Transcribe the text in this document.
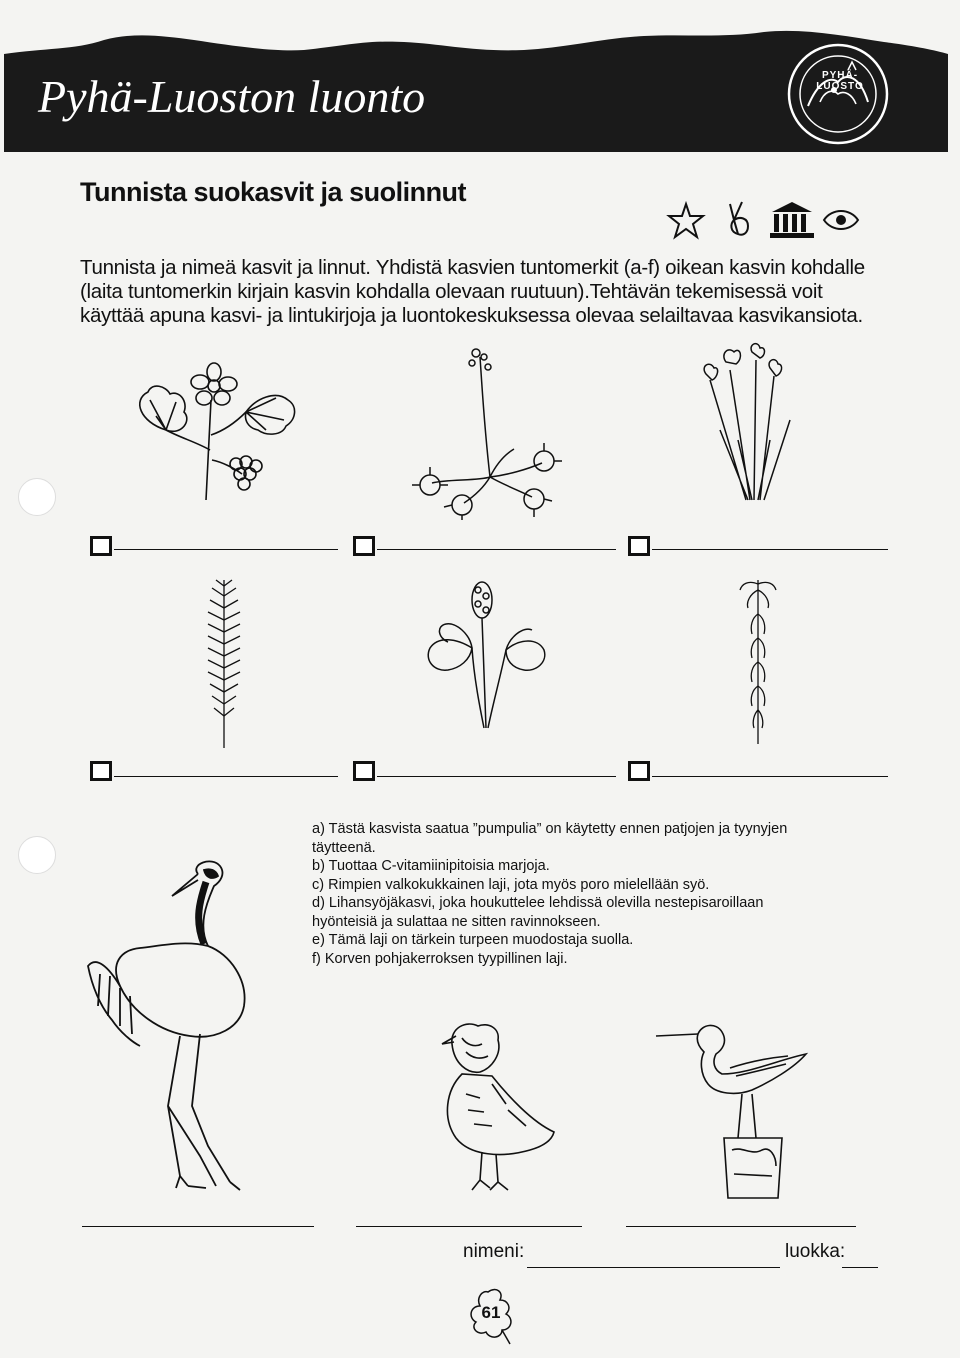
Pyhä-Luoston luonto	PYHÄ-LUOSTO
Tunnista suokasvit ja suolinnut

Tunnista ja nimeä kasvit ja linnut. Yhdistä kasvien tuntomerkit (a-f) oikean kasvin kohdalle (laita tuntomerkin kirjain kasvin kohdalla olevaan ruutuun).Tehtävän tekemisessä voit käyttää apuna kasvi- ja lintukirjoja ja luontokeskuksessa olevaa selailtavaa kasvikansiota.

a) Tästä kasvista saatua ”pumpulia” on käytetty ennen patjojen ja tyynyjen täytteenä.
b) Tuottaa C-vitamiinipitoisia marjoja.
c) Rimpien valkokukkainen laji, jota myös poro mielellään syö.
d) Lihansyöjäkasvi, joka houkuttelee lehdissä olevilla nestepisaroillaan hyönteisiä ja sulattaa ne sitten ravinnokseen.
e) Tämä laji on tärkein turpeen muodostaja suolla.
f) Korven pohjakerroksen tyypillinen laji.
nimeni:	luokka:
61
